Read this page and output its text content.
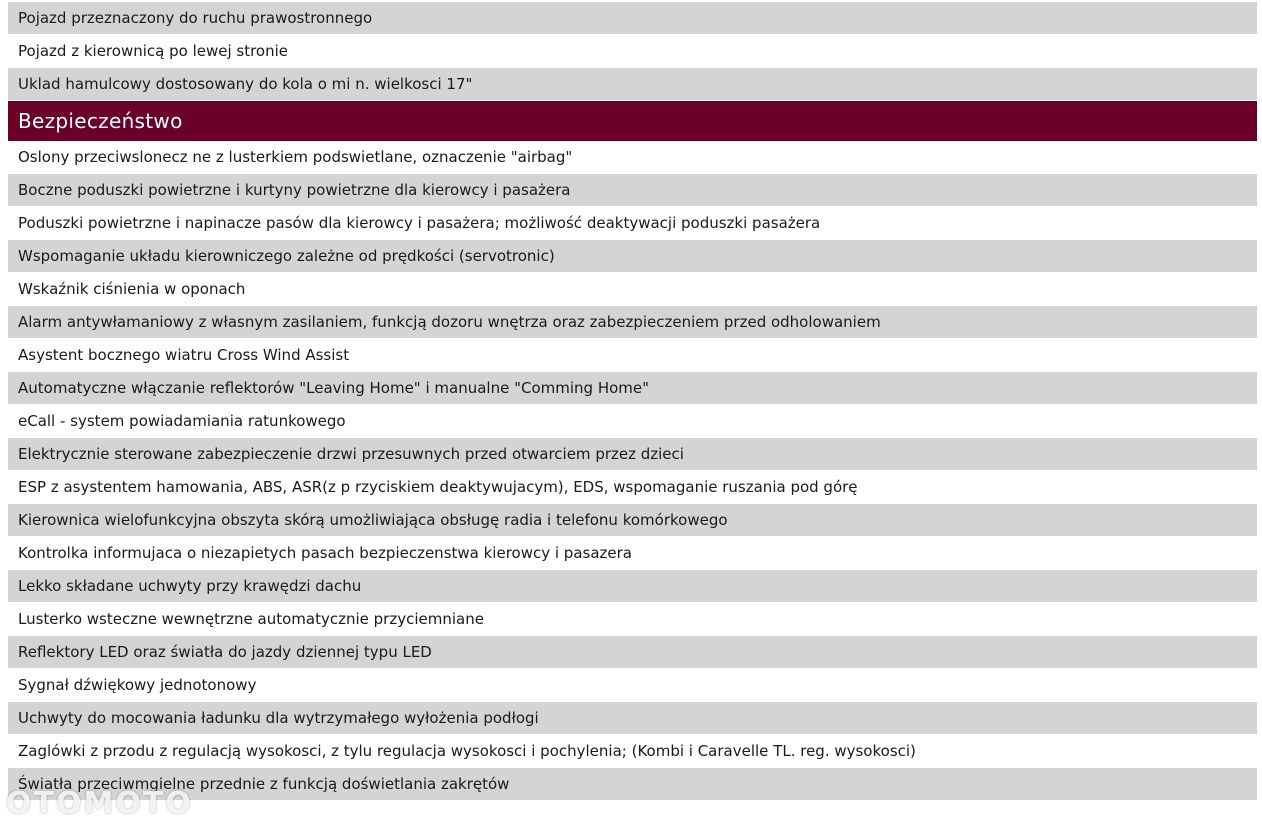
Pojazd przeznaczony do ruchu prawostronnego
Pojazd z kierownicą po lewej stronie
Uklad hamulcowy dostosowany do kola o mi n. wielkosci 17"
Bezpieczeństwo
Oslony przeciwslonecz ne z lusterkiem podswietlane, oznaczenie "airbag"
Boczne poduszki powietrzne i kurtyny powietrzne dla kierowcy i pasażera
Poduszki powietrzne i napinacze pasów dla kierowcy i pasażera; możliwość deaktywacji poduszki pasażera
Wspomaganie układu kierowniczego zależne od prędkości (servotronic)
Wskaźnik ciśnienia w oponach
Alarm antywłamaniowy z własnym zasilaniem, funkcją dozoru wnętrza oraz zabezpieczeniem przed odholowaniem
Asystent bocznego wiatru Cross Wind Assist
Automatyczne włączanie reflektorów "Leaving Home" i manualne "Comming Home"
eCall - system powiadamiania ratunkowego
Elektrycznie sterowane zabezpieczenie drzwi przesuwnych przed otwarciem przez dzieci
ESP z asystentem hamowania, ABS, ASR(z p rzyciskiem deaktywujacym), EDS, wspomaganie ruszania pod górę
Kierownica wielofunkcyjna obszyta skórą umożliwiająca obsługę radia i telefonu komórkowego
Kontrolka informujaca o niezapietych pasach bezpieczenstwa kierowcy i pasazera
Lekko składane uchwyty przy krawędzi dachu
Lusterko wsteczne wewnętrzne automatycznie przyciemniane
Reflektory LED oraz światła do jazdy dziennej typu LED
Sygnał dźwiękowy jednotonowy
Uchwyty do mocowania ładunku dla wytrzymałego wyłożenia podłogi
Zaglówki z przodu z regulacją wysokosci, z tylu regulacja wysokosci i pochylenia; (Kombi i Caravelle TL. reg. wysokosci)
Światła przeciwmgielne przednie z funkcją doświetlania zakrętów
OTOMOTO
